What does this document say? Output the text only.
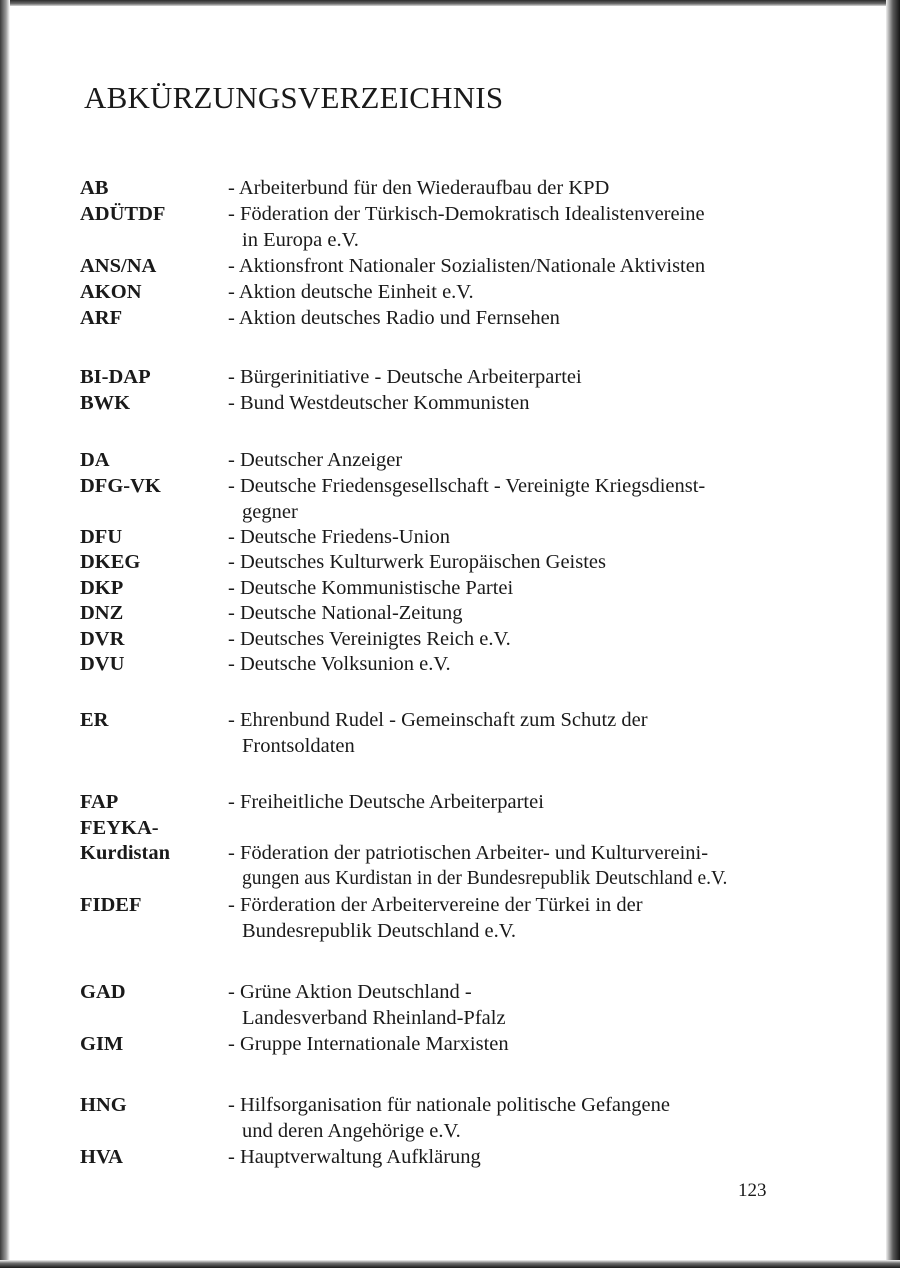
ABKÜRZUNGSVERZEICHNIS
AB	- Arbeiterbund für den Wiederaufbau der KPD
ADÜTDF	- Föderation der Türkisch-Demokratisch Idealistenvereine
in Europa e.V.
ANS/NA	- Aktionsfront Nationaler Sozialisten/Nationale Aktivisten
AKON	- Aktion deutsche Einheit e.V.
ARF	- Aktion deutsches Radio und Fernsehen
BI-DAP	- Bürgerinitiative - Deutsche Arbeiterpartei
BWK	- Bund Westdeutscher Kommunisten
DA	- Deutscher Anzeiger
DFG-VK	- Deutsche Friedensgesellschaft - Vereinigte Kriegsdienst-
gegner
DFU	- Deutsche Friedens-Union
DKEG	- Deutsches Kulturwerk Europäischen Geistes
DKP	- Deutsche Kommunistische Partei
DNZ	- Deutsche National-Zeitung
DVR	- Deutsches Vereinigtes Reich e.V.
DVU	- Deutsche Volksunion e.V.
ER	- Ehrenbund Rudel - Gemeinschaft zum Schutz der
Frontsoldaten
FAP	- Freiheitliche Deutsche Arbeiterpartei
FEYKA-
Kurdistan	- Föderation der patriotischen Arbeiter- und Kulturvereini-
gungen aus Kurdistan in der Bundesrepublik Deutschland e.V.
FIDEF	- Förderation der Arbeitervereine der Türkei in der
Bundesrepublik Deutschland e.V.
GAD	- Grüne Aktion Deutschland -
Landesverband Rheinland-Pfalz
GIM	- Gruppe Internationale Marxisten
HNG	- Hilfsorganisation für nationale politische Gefangene
und deren Angehörige e.V.
HVA	- Hauptverwaltung Aufklärung
123
